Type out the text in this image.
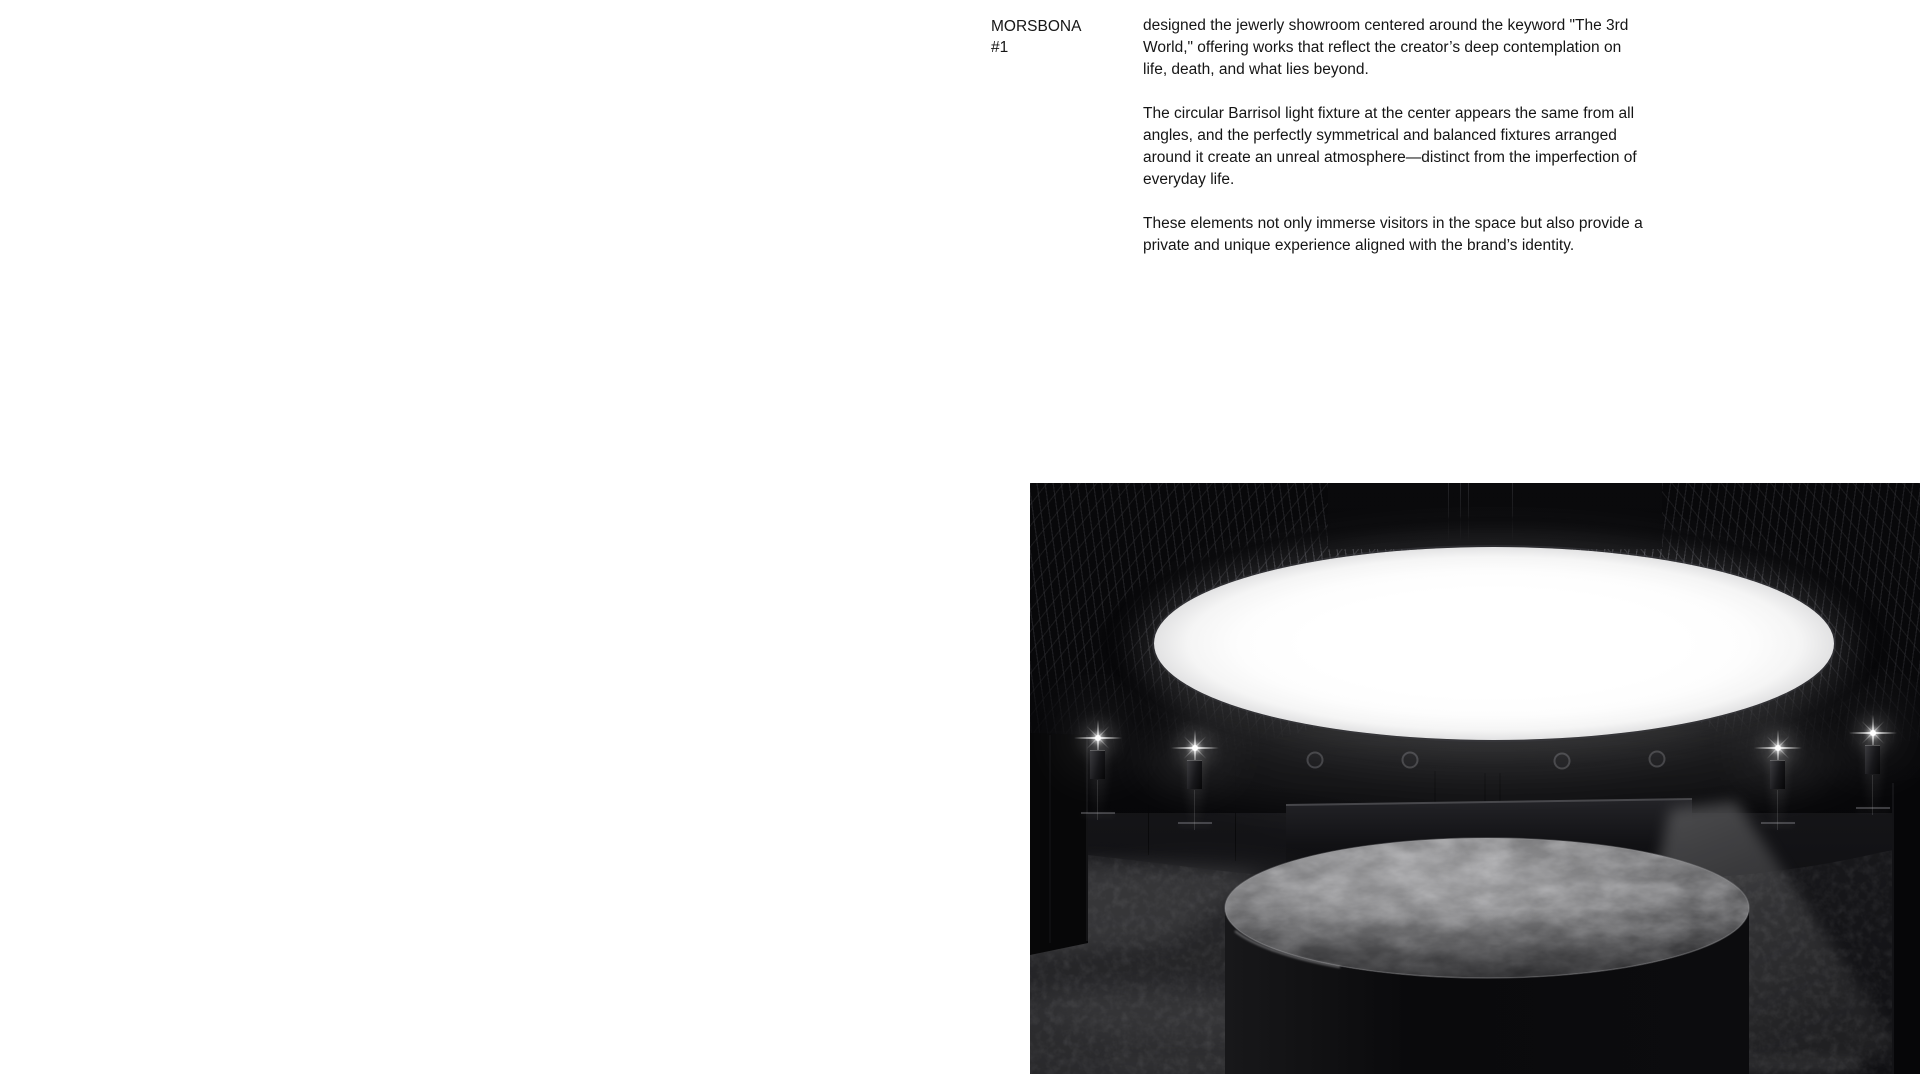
MORSBONA
#1

designed the jewerly showroom centered around the keyword "The 3rd
World," offering works that reflect the creator’s deep contemplation on
life, death, and what lies beyond.

The circular Barrisol light fixture at the center appears the same from all
angles, and the perfectly symmetrical and balanced fixtures arranged
around it create an unreal atmosphere—distinct from the imperfection of
everyday life.

These elements not only immerse visitors in the space but also provide a
private and unique experience aligned with the brand’s identity.
